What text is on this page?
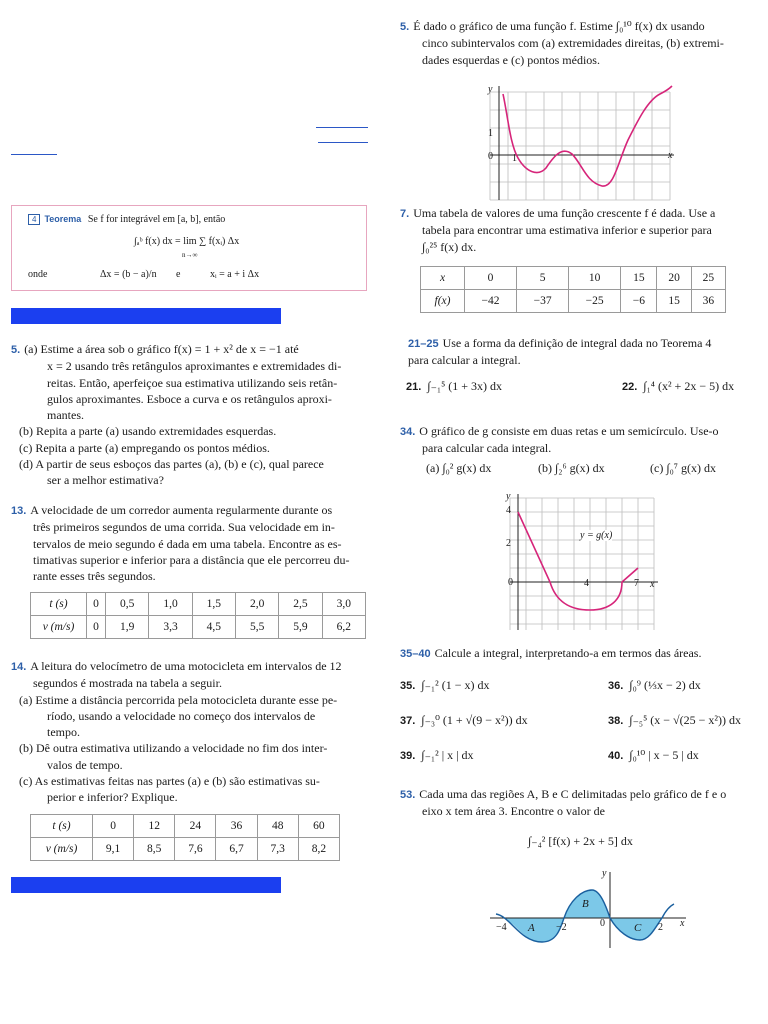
4 Teorema Se f for integrável em [a, b], então
∫ₐᵇ f(x) dx = lim ∑ f(xᵢ) Δx
n→∞
onde	Δx = (b − a)/n e	xᵢ = a + i Δx
5. (a) Estime a área sob o gráfico f(x) = 1 + x² de x = −1 até
x = 2 usando três retângulos aproximantes e extremidades di-
reitas. Então, aperfeiçoe sua estimativa utilizando seis retân-
gulos aproximantes. Esboce a curva e os retângulos aproxi-
mantes.
(b) Repita a parte (a) usando extremidades esquerdas.
(c) Repita a parte (a) empregando os pontos médios.
(d) A partir de seus esboços das partes (a), (b) e (c), qual parece
ser a melhor estimativa?
13. A velocidade de um corredor aumenta regularmente durante os
três primeiros segundos de uma corrida. Sua velocidade em in-
tervalos de meio segundo é dada em uma tabela. Encontre as es-
timativas superior e inferior para a distância que ele percorreu du-
rante esses três segundos.
t (s)	0	0,5	1,0	1,5	2,0	2,5	3,0
v (m/s)	0	1,9	3,3	4,5	5,5	5,9	6,2
14. A leitura do velocímetro de uma motocicleta em intervalos de 12
segundos é mostrada na tabela a seguir.
(a) Estime a distância percorrida pela motocicleta durante esse pe-
ríodo, usando a velocidade no começo dos intervalos de
tempo.
(b) Dê outra estimativa utilizando a velocidade no fim dos inter-
valos de tempo.
(c) As estimativas feitas nas partes (a) e (b) são estimativas su-
perior e inferior? Explique.
t (s)	0	12	24	36	48	60
v (m/s)	9,1	8,5	7,6	6,7	7,3	8,2
5. É dado o gráfico de uma função f. Estime ∫₀¹⁰ f(x) dx usando
cinco subintervalos com (a) extremidades direitas, (b) extremi-
dades esquerdas e (c) pontos médios.
y
x
1
0 1
7. Uma tabela de valores de uma função crescente f é dada. Use a
tabela para encontrar uma estimativa inferior e superior para
∫₀²⁵ f(x) dx.
x	0	5	10	15	20	25
f(x)	−42	−37	−25	−6	15	36
21–25 Use a forma da definição de integral dada no Teorema 4
para calcular a integral.
21. ∫₋₁⁵ (1 + 3x) dx	22. ∫₁⁴ (x² + 2x − 5) dx
34. O gráfico de g consiste em duas retas e um semicírculo. Use-o
para calcular cada integral.
(a) ∫₀² g(x) dx	(b) ∫₂⁶ g(x) dx	(c) ∫₀⁷ g(x) dx
y
x
4
2
0	4	7
y = g(x)
35–40 Calcule a integral, interpretando-a em termos das áreas.
35. ∫₋₁² (1 − x) dx	36. ∫₀⁹ (⅓x − 2) dx
37. ∫₋₃⁰ (1 + √(9 − x²)) dx	38. ∫₋₅⁵ (x − √(25 − x²)) dx
39. ∫₋₁² | x | dx	40. ∫₀¹⁰ | x − 5 | dx
53. Cada uma das regiões A, B e C delimitadas pelo gráfico de f e o
eixo x tem área 3. Encontre o valor de
∫₋₄² [f(x) + 2x + 5] dx
y
x
−4	−2	0	2
A
B
C
